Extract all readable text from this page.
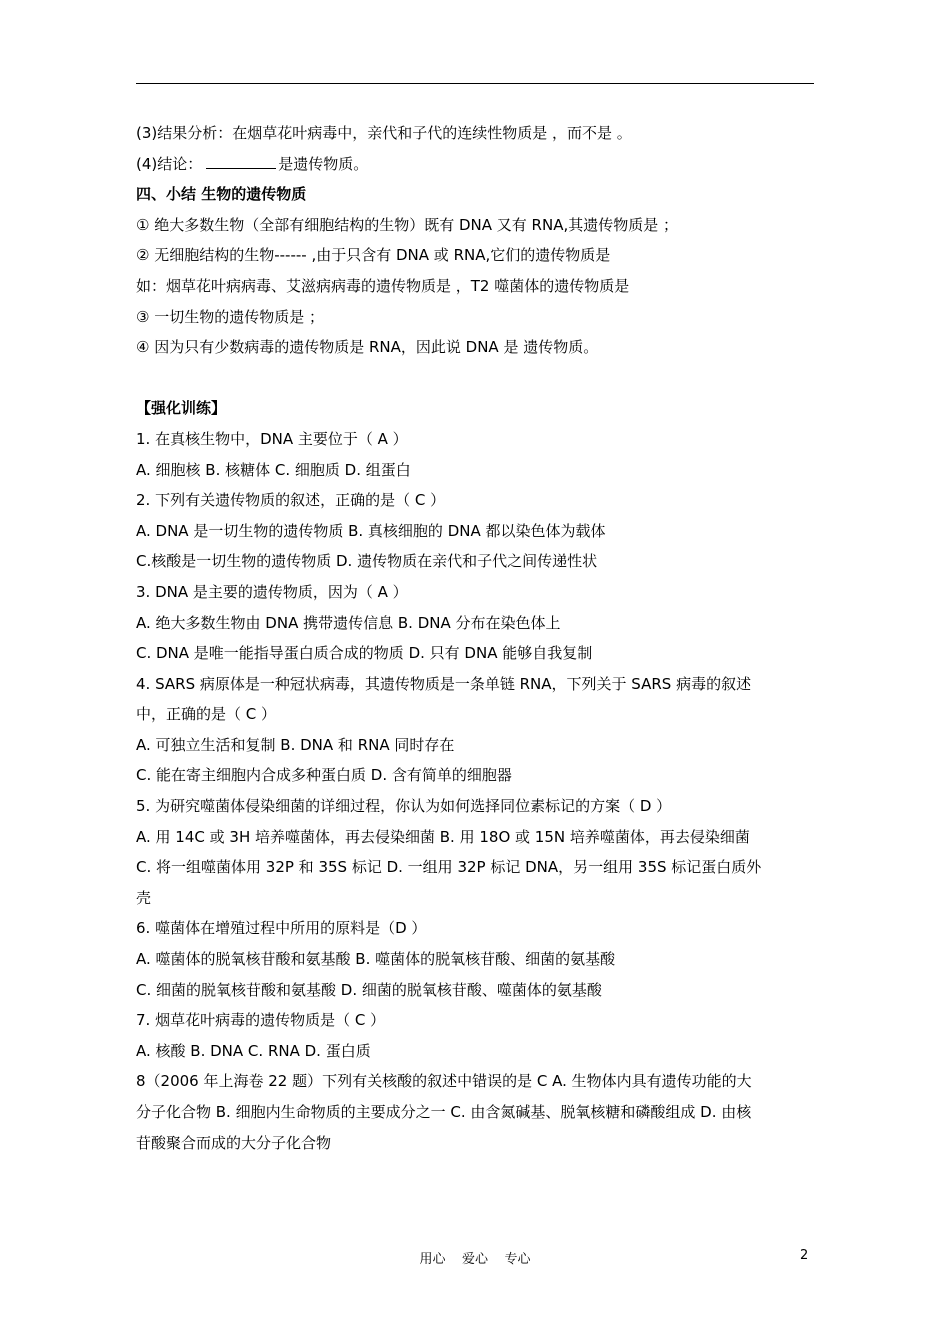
(3)结果分析：在烟草花叶病毒中，亲代和子代的连续性物质是 ，而不是 。

(4)结论：	是遗传物质。

四、小结 生物的遗传物质

① 绝大多数生物（全部有细胞结构的生物）既有 DNA 又有 RNA,其遗传物质是 ；

② 无细胞结构的生物------ ,由于只含有 DNA 或 RNA,它们的遗传物质是

如：烟草花叶病病毒、艾滋病病毒的遗传物质是 ，T2 噬菌体的遗传物质是

③ 一切生物的遗传物质是 ；

④ 因为只有少数病毒的遗传物质是 RNA，因此说 DNA 是 遗传物质。

【强化训练】

1. 在真核生物中，DNA 主要位于（ A ）

A. 细胞核 B. 核糖体 C. 细胞质 D. 组蛋白

2. 下列有关遗传物质的叙述，正确的是（ C ）

A. DNA 是一切生物的遗传物质 B. 真核细胞的 DNA 都以染色体为载体

C.核酸是一切生物的遗传物质 D. 遗传物质在亲代和子代之间传递性状

3. DNA 是主要的遗传物质，因为（ A ）

A. 绝大多数生物由 DNA 携带遗传信息 B. DNA 分布在染色体上

C. DNA 是唯一能指导蛋白质合成的物质 D. 只有 DNA 能够自我复制

4. SARS 病原体是一种冠状病毒，其遗传物质是一条单链 RNA，下列关于 SARS 病毒的叙述

中，正确的是（ C ）

A. 可独立生活和复制 B. DNA 和 RNA 同时存在

C. 能在寄主细胞内合成多种蛋白质 D. 含有简单的细胞器

5. 为研究噬菌体侵染细菌的详细过程，你认为如何选择同位素标记的方案（ D ）

A. 用 14C 或 3H 培养噬菌体，再去侵染细菌 B. 用 18O 或 15N 培养噬菌体，再去侵染细菌

C. 将一组噬菌体用 32P 和 35S 标记 D. 一组用 32P 标记 DNA，另一组用 35S 标记蛋白质外

壳

6. 噬菌体在增殖过程中所用的原料是（D ）

A. 噬菌体的脱氧核苷酸和氨基酸 B. 噬菌体的脱氧核苷酸、细菌的氨基酸

C. 细菌的脱氧核苷酸和氨基酸 D. 细菌的脱氧核苷酸、噬菌体的氨基酸

7. 烟草花叶病毒的遗传物质是（ C ）

A. 核酸 B. DNA C. RNA D. 蛋白质

8（2006 年上海卷 22 题）下列有关核酸的叙述中错误的是 C A. 生物体内具有遗传功能的大

分子化合物 B. 细胞内生命物质的主要成分之一 C. 由含氮碱基、脱氧核糖和磷酸组成 D. 由核

苷酸聚合而成的大分子化合物

用心    爱心    专心	2
